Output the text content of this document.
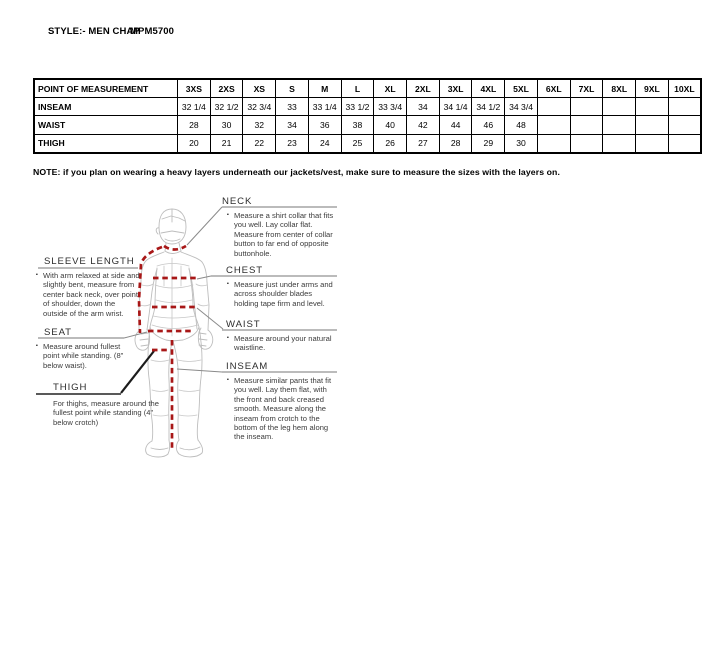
STYLE:- MEN CHAP
MPM5700
POINT OF MEASUREMENT	3XS	2XS	XS	S	M	L	XL	2XL	3XL	4XL	5XL	6XL	7XL	8XL	9XL	10XL
INSEAM	32 1/4	32 1/2	32 3/4	33	33 1/4	33 1/2	33 3/4	34	34 1/4	34 1/2	34 3/4					
WAIST	28	30	32	34	36	38	40	42	44	46	48					
THIGH	20	21	22	23	24	25	26	27	28	29	30					
NOTE: if you plan on wearing a heavy layers underneath our jackets/vest, make sure to measure the sizes with the layers on.
NECK
▪ Measure a shirt collar that fits you well. Lay collar flat. Measure from center of collar button to far end of opposite buttonhole.
CHEST
▪ Measure just under arms and across shoulder blades holding tape firm and level.
WAIST
▪ Measure around your natural waistline.
INSEAM
▪ Measure similar pants that fit you well. Lay them flat, with the front and back creased smooth. Measure along the inseam from crotch to the bottom of the leg hem along the inseam.
SLEEVE LENGTH
▪ With arm relaxed at side and slightly bent, measure from center back neck, over point of shoulder, down the outside of the arm wrist.
SEAT
▪ Measure around fullest point while standing. (8" below waist).
THIGH
For thighs, measure around the fullest point while standing (4" below crotch)
